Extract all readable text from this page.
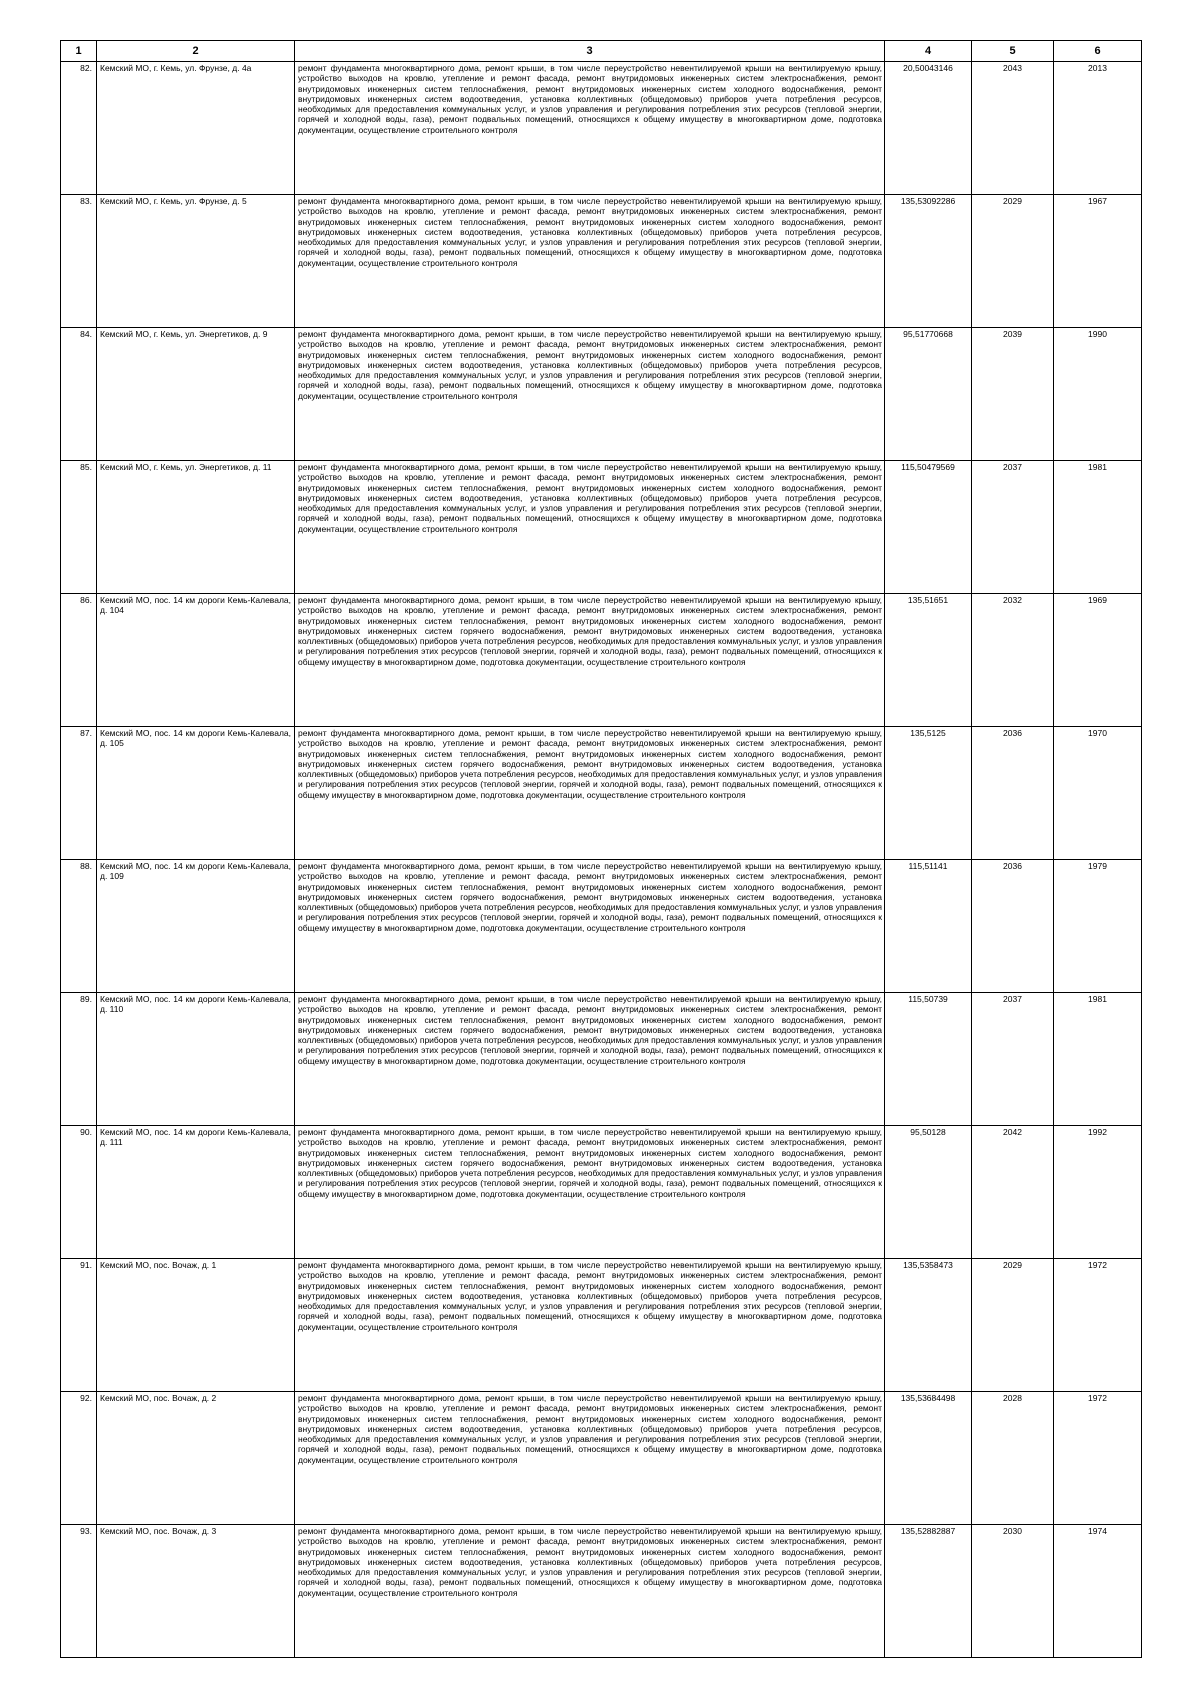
1	2	3	4	5	6
82.	Кемский МО, г. Кемь, ул. Фрунзе, д. 4а	ремонт фундамента многоквартирного дома, ремонт крыши, в том числе переустройство невентилируемой крыши на вентилируемую крышу, устройство выходов на кровлю, утепление и ремонт фасада, ремонт внутридомовых инженерных систем электроснабжения, ремонт внутридомовых инженерных систем теплоснабжения, ремонт внутридомовых инженерных систем холодного водоснабжения, ремонт внутридомовых инженерных систем водоотведения, установка коллективных (общедомовых) приборов учета потребления ресурсов, необходимых для предоставления коммунальных услуг, и узлов управления и регулирования потребления этих ресурсов (тепловой энергии, горячей и холодной воды, газа), ремонт подвальных помещений, относящихся к общему имуществу в многоквартирном доме, подготовка документации, осуществление строительного контроля	20,50043146	2043	2013
83.	Кемский МО, г. Кемь, ул. Фрунзе, д. 5	ремонт фундамента многоквартирного дома, ремонт крыши, в том числе переустройство невентилируемой крыши на вентилируемую крышу, устройство выходов на кровлю, утепление и ремонт фасада, ремонт внутридомовых инженерных систем электроснабжения, ремонт внутридомовых инженерных систем теплоснабжения, ремонт внутридомовых инженерных систем холодного водоснабжения, ремонт внутридомовых инженерных систем водоотведения, установка коллективных (общедомовых) приборов учета потребления ресурсов, необходимых для предоставления коммунальных услуг, и узлов управления и регулирования потребления этих ресурсов (тепловой энергии, горячей и холодной воды, газа), ремонт подвальных помещений, относящихся к общему имуществу в многоквартирном доме, подготовка документации, осуществление строительного контроля	135,53092286	2029	1967
84.	Кемский МО, г. Кемь, ул. Энергетиков, д. 9	ремонт фундамента многоквартирного дома, ремонт крыши, в том числе переустройство невентилируемой крыши на вентилируемую крышу, устройство выходов на кровлю, утепление и ремонт фасада, ремонт внутридомовых инженерных систем электроснабжения, ремонт внутридомовых инженерных систем теплоснабжения, ремонт внутридомовых инженерных систем холодного водоснабжения, ремонт внутридомовых инженерных систем водоотведения, установка коллективных (общедомовых) приборов учета потребления ресурсов, необходимых для предоставления коммунальных услуг, и узлов управления и регулирования потребления этих ресурсов (тепловой энергии, горячей и холодной воды, газа), ремонт подвальных помещений, относящихся к общему имуществу в многоквартирном доме, подготовка документации, осуществление строительного контроля	95,51770668	2039	1990
85.	Кемский МО, г. Кемь, ул. Энергетиков, д. 11	ремонт фундамента многоквартирного дома, ремонт крыши, в том числе переустройство невентилируемой крыши на вентилируемую крышу, устройство выходов на кровлю, утепление и ремонт фасада, ремонт внутридомовых инженерных систем электроснабжения, ремонт внутридомовых инженерных систем теплоснабжения, ремонт внутридомовых инженерных систем холодного водоснабжения, ремонт внутридомовых инженерных систем водоотведения, установка коллективных (общедомовых) приборов учета потребления ресурсов, необходимых для предоставления коммунальных услуг, и узлов управления и регулирования потребления этих ресурсов (тепловой энергии, горячей и холодной воды, газа), ремонт подвальных помещений, относящихся к общему имуществу в многоквартирном доме, подготовка документации, осуществление строительного контроля	115,50479569	2037	1981
86.	Кемский МО, пос. 14 км дороги Кемь-Калевала, д. 104	ремонт фундамента многоквартирного дома, ремонт крыши, в том числе переустройство невентилируемой крыши на вентилируемую крышу, устройство выходов на кровлю, утепление и ремонт фасада, ремонт внутридомовых инженерных систем электроснабжения, ремонт внутридомовых инженерных систем теплоснабжения, ремонт внутридомовых инженерных систем холодного водоснабжения, ремонт внутридомовых инженерных систем горячего водоснабжения, ремонт внутридомовых инженерных систем водоотведения, установка коллективных (общедомовых) приборов учета потребления ресурсов, необходимых для предоставления коммунальных услуг, и узлов управления и регулирования потребления этих ресурсов (тепловой энергии, горячей и холодной воды, газа), ремонт подвальных помещений, относящихся к общему имуществу в многоквартирном доме, подготовка документации, осуществление строительного контроля	135,51651	2032	1969
87.	Кемский МО, пос. 14 км дороги Кемь-Калевала, д. 105	ремонт фундамента многоквартирного дома, ремонт крыши, в том числе переустройство невентилируемой крыши на вентилируемую крышу, устройство выходов на кровлю, утепление и ремонт фасада, ремонт внутридомовых инженерных систем электроснабжения, ремонт внутридомовых инженерных систем теплоснабжения, ремонт внутридомовых инженерных систем холодного водоснабжения, ремонт внутридомовых инженерных систем горячего водоснабжения, ремонт внутридомовых инженерных систем водоотведения, установка коллективных (общедомовых) приборов учета потребления ресурсов, необходимых для предоставления коммунальных услуг, и узлов управления и регулирования потребления этих ресурсов (тепловой энергии, горячей и холодной воды, газа), ремонт подвальных помещений, относящихся к общему имуществу в многоквартирном доме, подготовка документации, осуществление строительного контроля	135,5125	2036	1970
88.	Кемский МО, пос. 14 км дороги Кемь-Калевала, д. 109	ремонт фундамента многоквартирного дома, ремонт крыши, в том числе переустройство невентилируемой крыши на вентилируемую крышу, устройство выходов на кровлю, утепление и ремонт фасада, ремонт внутридомовых инженерных систем электроснабжения, ремонт внутридомовых инженерных систем теплоснабжения, ремонт внутридомовых инженерных систем холодного водоснабжения, ремонт внутридомовых инженерных систем горячего водоснабжения, ремонт внутридомовых инженерных систем водоотведения, установка коллективных (общедомовых) приборов учета потребления ресурсов, необходимых для предоставления коммунальных услуг, и узлов управления и регулирования потребления этих ресурсов (тепловой энергии, горячей и холодной воды, газа), ремонт подвальных помещений, относящихся к общему имуществу в многоквартирном доме, подготовка документации, осуществление строительного контроля	115,51141	2036	1979
89.	Кемский МО, пос. 14 км дороги Кемь-Калевала, д. 110	ремонт фундамента многоквартирного дома, ремонт крыши, в том числе переустройство невентилируемой крыши на вентилируемую крышу, устройство выходов на кровлю, утепление и ремонт фасада, ремонт внутридомовых инженерных систем электроснабжения, ремонт внутридомовых инженерных систем теплоснабжения, ремонт внутридомовых инженерных систем холодного водоснабжения, ремонт внутридомовых инженерных систем горячего водоснабжения, ремонт внутридомовых инженерных систем водоотведения, установка коллективных (общедомовых) приборов учета потребления ресурсов, необходимых для предоставления коммунальных услуг, и узлов управления и регулирования потребления этих ресурсов (тепловой энергии, горячей и холодной воды, газа), ремонт подвальных помещений, относящихся к общему имуществу в многоквартирном доме, подготовка документации, осуществление строительного контроля	115,50739	2037	1981
90.	Кемский МО, пос. 14 км дороги Кемь-Калевала, д. 111	ремонт фундамента многоквартирного дома, ремонт крыши, в том числе переустройство невентилируемой крыши на вентилируемую крышу, устройство выходов на кровлю, утепление и ремонт фасада, ремонт внутридомовых инженерных систем электроснабжения, ремонт внутридомовых инженерных систем теплоснабжения, ремонт внутридомовых инженерных систем холодного водоснабжения, ремонт внутридомовых инженерных систем горячего водоснабжения, ремонт внутридомовых инженерных систем водоотведения, установка коллективных (общедомовых) приборов учета потребления ресурсов, необходимых для предоставления коммунальных услуг, и узлов управления и регулирования потребления этих ресурсов (тепловой энергии, горячей и холодной воды, газа), ремонт подвальных помещений, относящихся к общему имуществу в многоквартирном доме, подготовка документации, осуществление строительного контроля	95,50128	2042	1992
91.	Кемский МО, пос. Вочаж, д. 1	ремонт фундамента многоквартирного дома, ремонт крыши, в том числе переустройство невентилируемой крыши на вентилируемую крышу, устройство выходов на кровлю, утепление и ремонт фасада, ремонт внутридомовых инженерных систем электроснабжения, ремонт внутридомовых инженерных систем теплоснабжения, ремонт внутридомовых инженерных систем холодного водоснабжения, ремонт внутридомовых инженерных систем водоотведения, установка коллективных (общедомовых) приборов учета потребления ресурсов, необходимых для предоставления коммунальных услуг, и узлов управления и регулирования потребления этих ресурсов (тепловой энергии, горячей и холодной воды, газа), ремонт подвальных помещений, относящихся к общему имуществу в многоквартирном доме, подготовка документации, осуществление строительного контроля	135,5358473	2029	1972
92.	Кемский МО, пос. Вочаж, д. 2	ремонт фундамента многоквартирного дома, ремонт крыши, в том числе переустройство невентилируемой крыши на вентилируемую крышу, устройство выходов на кровлю, утепление и ремонт фасада, ремонт внутридомовых инженерных систем электроснабжения, ремонт внутридомовых инженерных систем теплоснабжения, ремонт внутридомовых инженерных систем холодного водоснабжения, ремонт внутридомовых инженерных систем водоотведения, установка коллективных (общедомовых) приборов учета потребления ресурсов, необходимых для предоставления коммунальных услуг, и узлов управления и регулирования потребления этих ресурсов (тепловой энергии, горячей и холодной воды, газа), ремонт подвальных помещений, относящихся к общему имуществу в многоквартирном доме, подготовка документации, осуществление строительного контроля	135,53684498	2028	1972
93.	Кемский МО, пос. Вочаж, д. 3	ремонт фундамента многоквартирного дома, ремонт крыши, в том числе переустройство невентилируемой крыши на вентилируемую крышу, устройство выходов на кровлю, утепление и ремонт фасада, ремонт внутридомовых инженерных систем электроснабжения, ремонт внутридомовых инженерных систем теплоснабжения, ремонт внутридомовых инженерных систем холодного водоснабжения, ремонт внутридомовых инженерных систем водоотведения, установка коллективных (общедомовых) приборов учета потребления ресурсов, необходимых для предоставления коммунальных услуг, и узлов управления и регулирования потребления этих ресурсов (тепловой энергии, горячей и холодной воды, газа), ремонт подвальных помещений, относящихся к общему имуществу в многоквартирном доме, подготовка документации, осуществление строительного контроля	135,52882887	2030	1974
